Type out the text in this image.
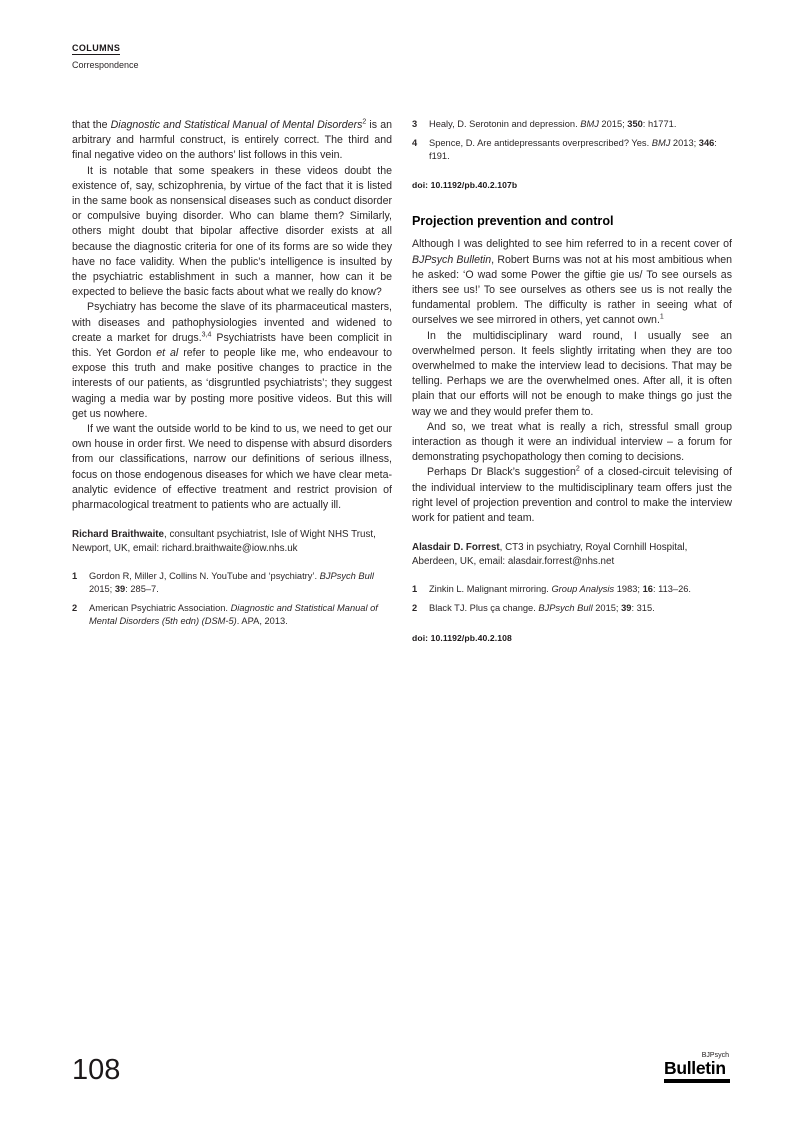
COLUMNS
Correspondence

that the Diagnostic and Statistical Manual of Mental Disorders$^2$ is an arbitrary and harmful construct, is entirely correct. The third and final negative video on the authors’ list follows in this vein.

It is notable that some speakers in these videos doubt the existence of, say, schizophrenia, by virtue of the fact that it is listed in the same book as nonsensical diseases such as conduct disorder or compulsive buying disorder. Who can blame them? Similarly, others might doubt that bipolar affective disorder exists at all because the diagnostic criteria for one of its forms are so wide they have no face validity. When the public’s intelligence is insulted by the psychiatric establishment in such a manner, how can it be expected to believe the basic facts about what we really do know?

Psychiatry has become the slave of its pharmaceutical masters, with diseases and pathophysiologies invented and widened to create a market for drugs.$^{3,4}$ Psychiatrists have been complicit in this. Yet Gordon et al refer to people like me, who endeavour to expose this truth and make positive changes to practice in the interests of our patients, as ‘disgruntled psychiatrists’; they suggest waging a media war by posting more positive videos. But this will get us nowhere.

If we want the outside world to be kind to us, we need to get our own house in order first. We need to dispense with absurd disorders from our classifications, narrow our definitions of serious illness, focus on those endogenous diseases for which we have clear meta-analytic evidence of effective treatment and restrict provision of pharmacological treatment to patients who are actually ill.

Richard Braithwaite, consultant psychiatrist, Isle of Wight NHS Trust, Newport, UK, email: richard.braithwaite@iow.nhs.uk

1	Gordon R, Miller J, Collins N. YouTube and ‘psychiatry’. BJPsych Bull 2015; 39: 285–7.
2	American Psychiatric Association. Diagnostic and Statistical Manual of Mental Disorders (5th edn) (DSM-5). APA, 2013.
3	Healy, D. Serotonin and depression. BMJ 2015; 350: h1771.
4	Spence, D. Are antidepressants overprescribed? Yes. BMJ 2013; 346: f191.
doi: 10.1192/pb.40.2.107b
Projection prevention and control

Although I was delighted to see him referred to in a recent cover of BJPsych Bulletin, Robert Burns was not at his most ambitious when he asked: ‘O wad some Power the giftie gie us/ To see oursels as ithers see us!’ To see ourselves as others see us is not really the fundamental problem. The difficulty is rather in seeing what of ourselves we see mirrored in others, yet cannot own.$^1$

In the multidisciplinary ward round, I usually see an overwhelmed person. It feels slightly irritating when they are too overwhelmed to make the interview lead to decisions. That may be telling. Perhaps we are the overwhelmed ones. After all, it is often plain that our efforts will not be enough to make things go just the way we and they would prefer them to.

And so, we treat what is really a rich, stressful small group interaction as though it were an individual interview – a forum for demonstrating psychopathology then coming to decisions.

Perhaps Dr Black’s suggestion$^2$ of a closed-circuit televising of the individual interview to the multidisciplinary team offers just the right level of projection prevention and control to make the interview work for patient and team.

Alasdair D. Forrest, CT3 in psychiatry, Royal Cornhill Hospital, Aberdeen, UK, email: alasdair.forrest@nhs.net

1	Zinkin L. Malignant mirroring. Group Analysis 1983; 16: 113–26.
2	Black TJ. Plus ça change. BJPsych Bull 2015; 39: 315.
doi: 10.1192/pb.40.2.108
108	BJPsych
Bulletin
